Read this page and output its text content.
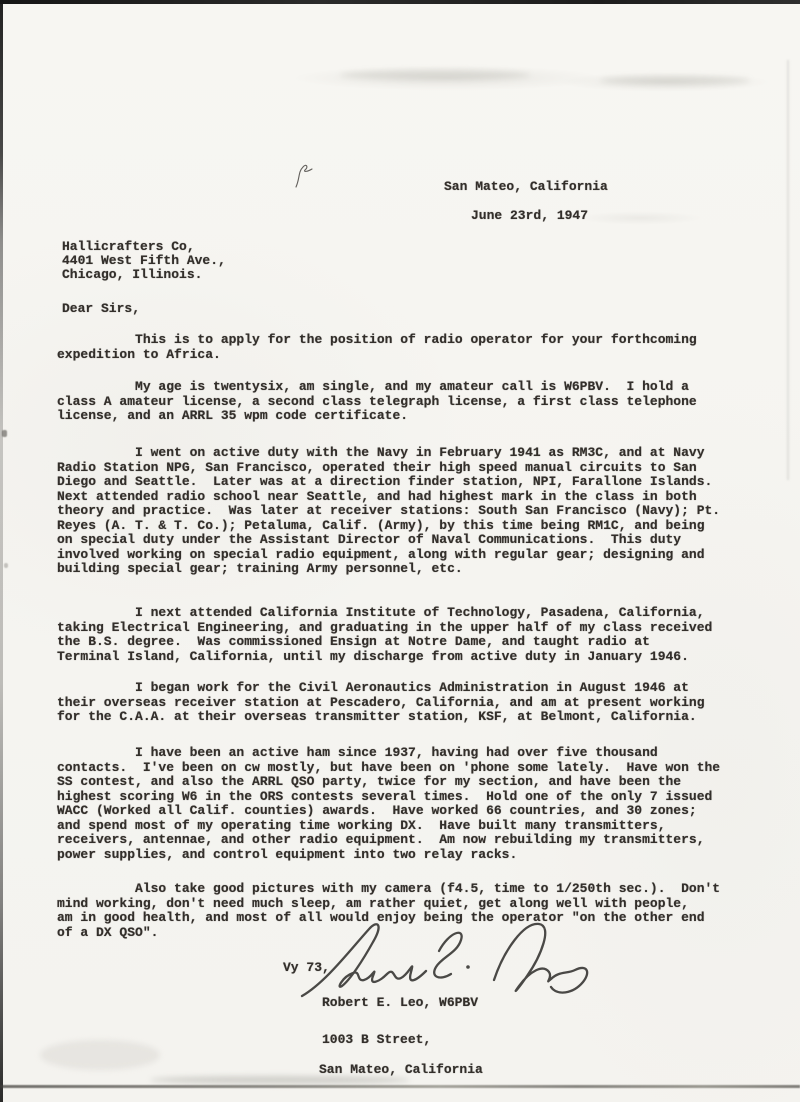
San Mateo, California
June 23rd, 1947
Hallicrafters Co,
4401 West Fifth Ave.,
Chicago, Illinois.
Dear Sirs,
This is to apply for the position of radio operator for your forthcoming
expedition to Africa.
My age is twentysix, am single, and my amateur call is W6PBV.  I hold a
class A amateur license, a second class telegraph license, a first class telephone
license, and an ARRL 35 wpm code certificate.
I went on active duty with the Navy in February 1941 as RM3C, and at Navy
Radio Station NPG, San Francisco, operated their high speed manual circuits to San
Diego and Seattle.  Later was at a direction finder station, NPI, Farallone Islands.
Next attended radio school near Seattle, and had highest mark in the class in both
theory and practice.  Was later at receiver stations: South San Francisco (Navy); Pt.
Reyes (A. T. & T. Co.); Petaluma, Calif. (Army), by this time being RM1C, and being
on special duty under the Assistant Director of Naval Communications.  This duty
involved working on special radio equipment, along with regular gear; designing and
building special gear; training Army personnel, etc.
I next attended California Institute of Technology, Pasadena, California,
taking Electrical Engineering, and graduating in the upper half of my class received
the B.S. degree.  Was commissioned Ensign at Notre Dame, and taught radio at
Terminal Island, California, until my discharge from active duty in January 1946.
I began work for the Civil Aeronautics Administration in August 1946 at
their overseas receiver station at Pescadero, California, and am at present working
for the C.A.A. at their overseas transmitter station, KSF, at Belmont, California.
I have been an active ham since 1937, having had over five thousand
contacts.  I've been on cw mostly, but have been on 'phone some lately.  Have won the
SS contest, and also the ARRL QSO party, twice for my section, and have been the
highest scoring W6 in the ORS contests several times.  Hold one of the only 7 issued
WACC (Worked all Calif. counties) awards.  Have worked 66 countries, and 30 zones;
and spend most of my operating time working DX.  Have built many transmitters,
receivers, antennae, and other radio equipment.  Am now rebuilding my transmitters,
power supplies, and control equipment into two relay racks.
Also take good pictures with my camera (f4.5, time to 1/250th sec.).  Don't
mind working, don't need much sleep, am rather quiet, get along well with people,
am in good health, and most of all would enjoy being the operator "on the other end
of a DX QSO".
Vy 73,
Robert E. Leo, W6PBV
1003 B Street,
San Mateo, California
